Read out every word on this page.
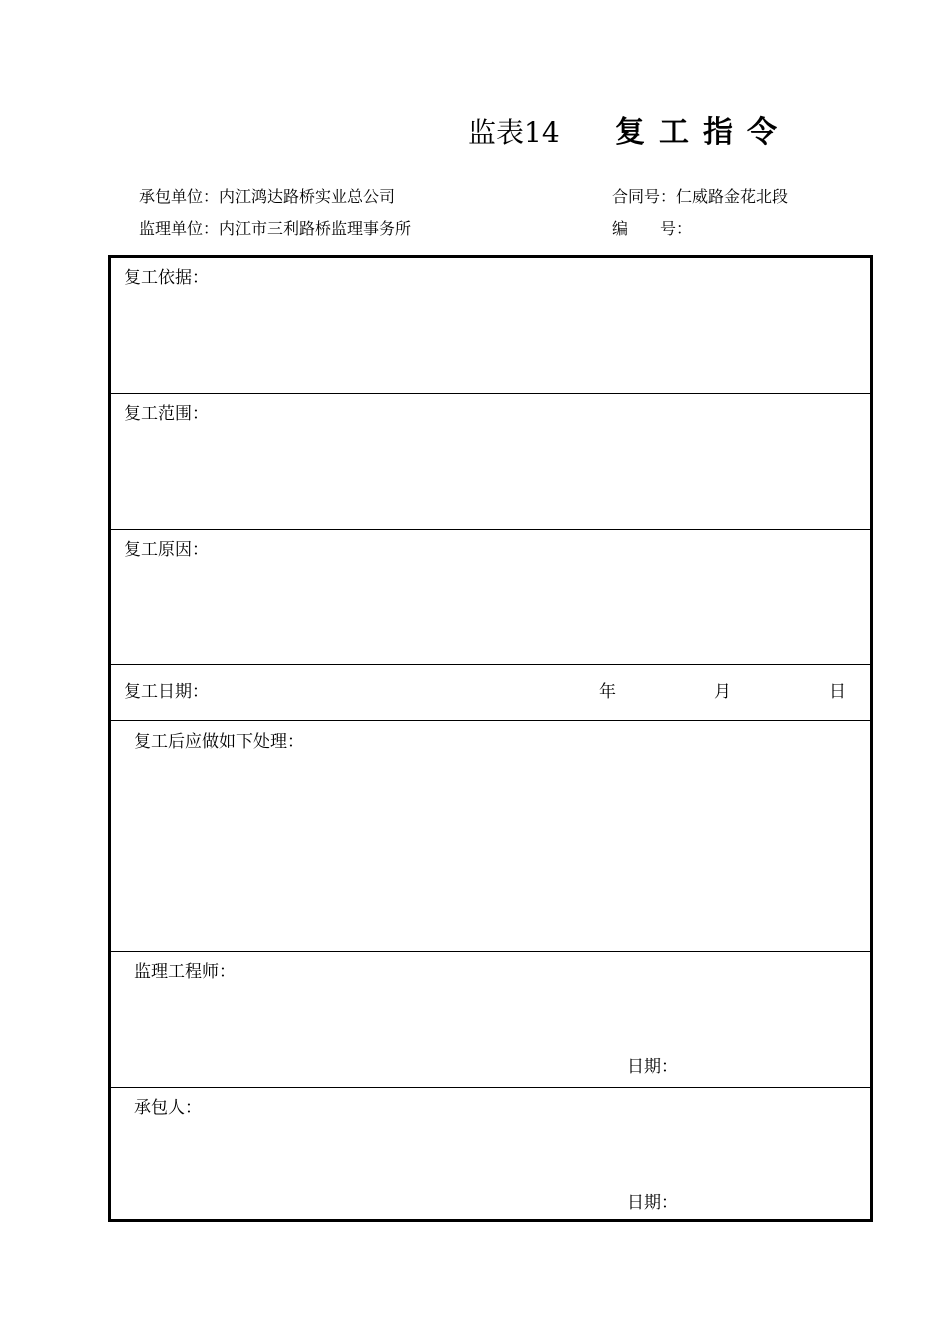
监表14 复工指令
承包单位：内江鸿达路桥实业总公司	合同号：仁威路金花北段
监理单位：内江市三利路桥监理事务所	编　　号：
复工依据：
复工范围：
复工原因：
复工日期：	年	月	日
复工后应做如下处理：
监理工程师：
日期：
承包人：
日期：
